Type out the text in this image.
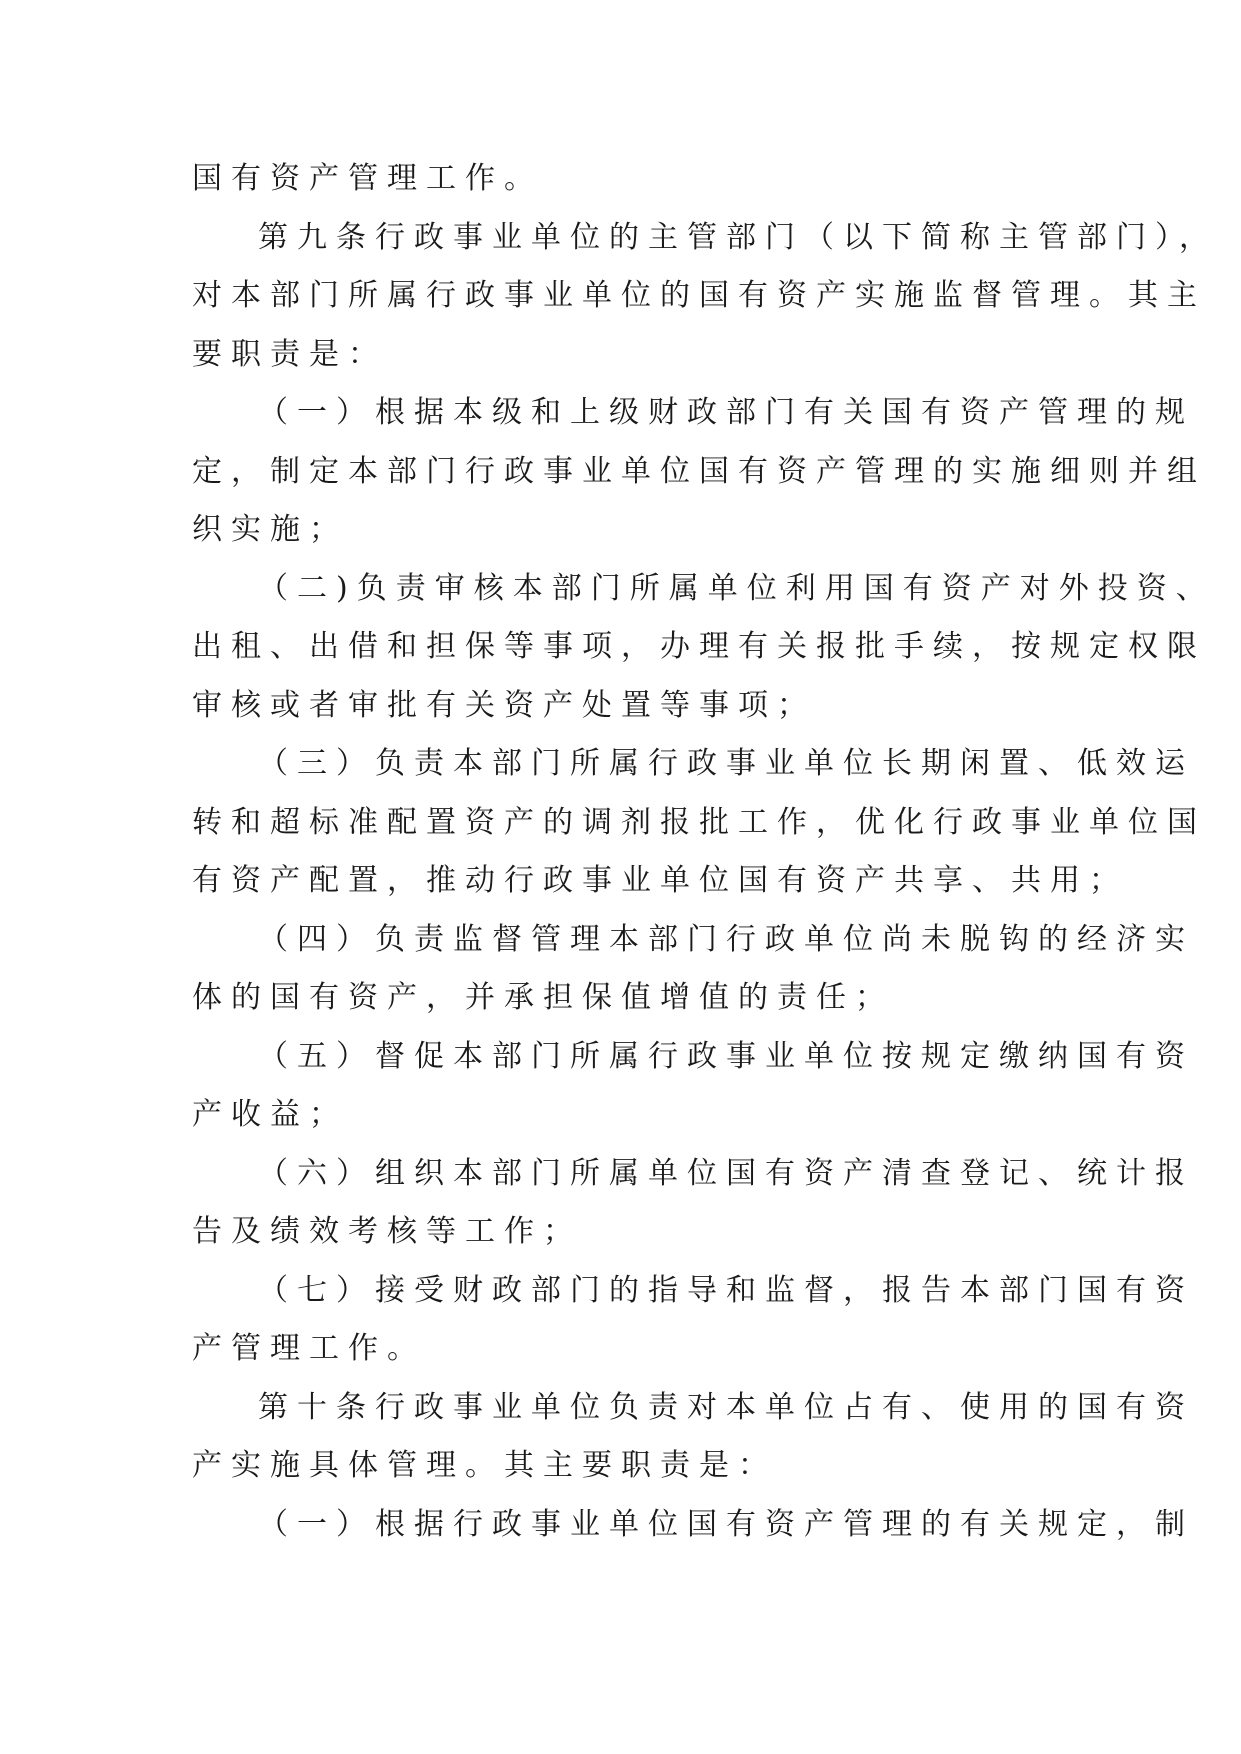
国有资产管理工作。
第九条行政事业单位的主管部门（以下简称主管部门），
对本部门所属行政事业单位的国有资产实施监督管理。其主
要职责是：
（一）根据本级和上级财政部门有关国有资产管理的规
定，制定本部门行政事业单位国有资产管理的实施细则并组
织实施；
（二)负责审核本部门所属单位利用国有资产对外投资、
出租、出借和担保等事项，办理有关报批手续，按规定权限
审核或者审批有关资产处置等事项；
（三）负责本部门所属行政事业单位长期闲置、低效运
转和超标准配置资产的调剂报批工作，优化行政事业单位国
有资产配置，推动行政事业单位国有资产共享、共用；
（四）负责监督管理本部门行政单位尚未脱钩的经济实
体的国有资产，并承担保值增值的责任；
（五）督促本部门所属行政事业单位按规定缴纳国有资
产收益；
（六）组织本部门所属单位国有资产清查登记、统计报
告及绩效考核等工作；
（七）接受财政部门的指导和监督，报告本部门国有资
产管理工作。
第十条行政事业单位负责对本单位占有、使用的国有资
产实施具体管理。其主要职责是：
（一）根据行政事业单位国有资产管理的有关规定，制
